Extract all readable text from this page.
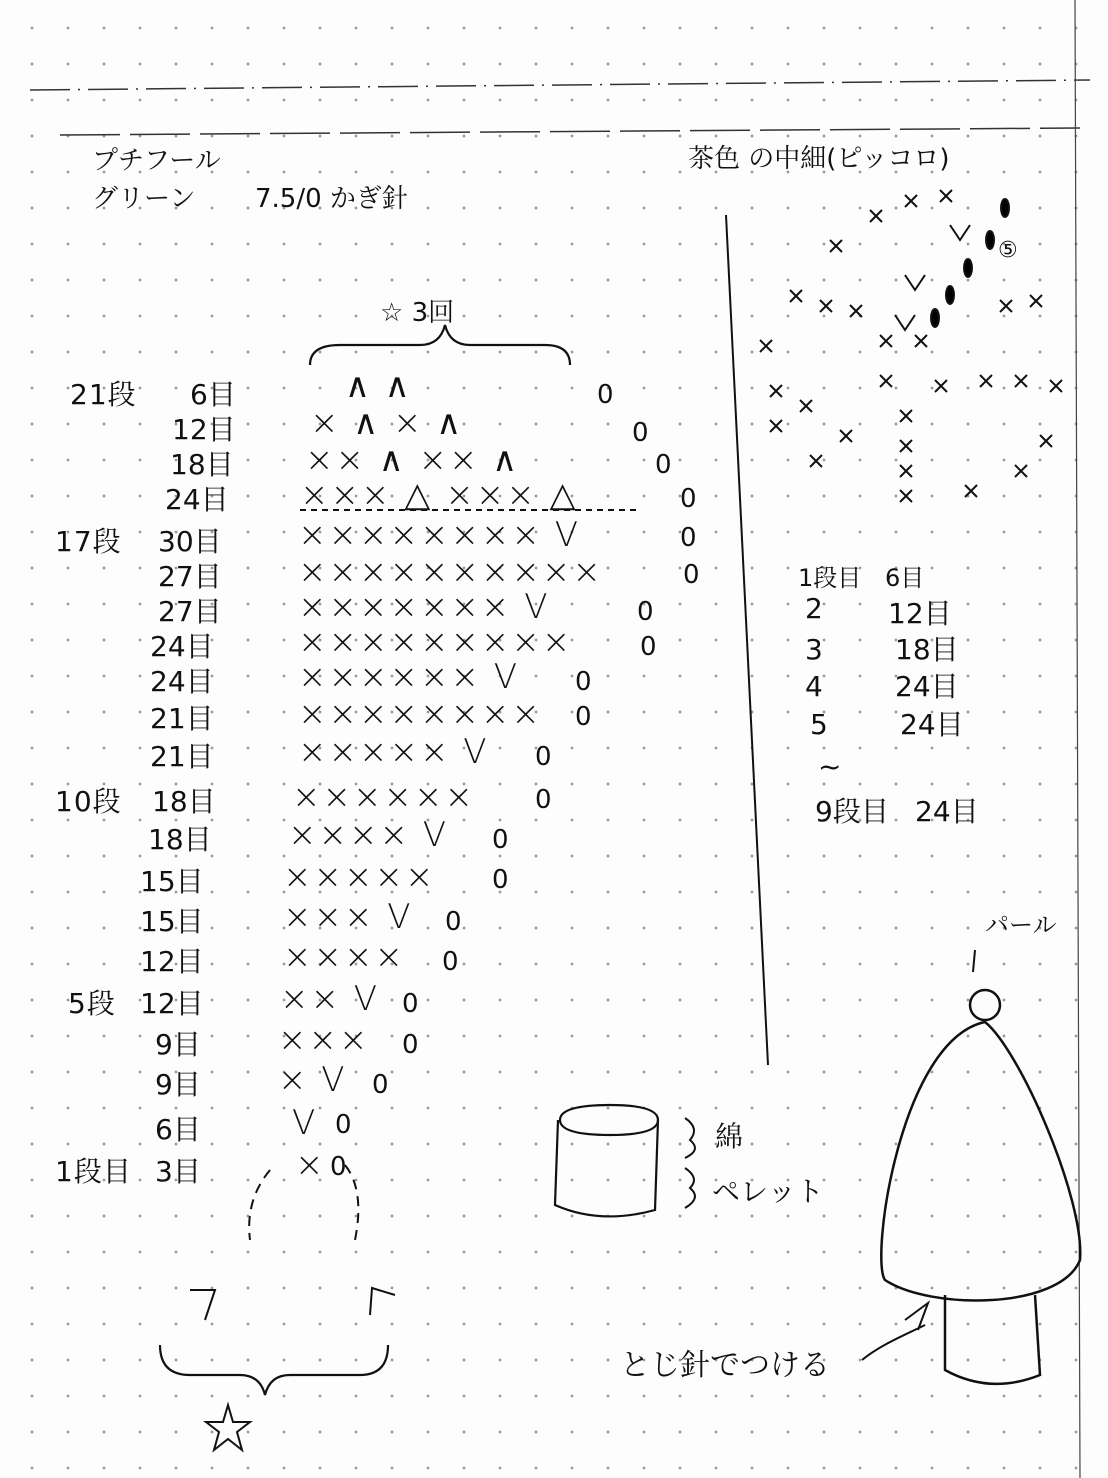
プチフール
グリーン 7.5/0 かぎ針
茶色 の中細(ピッコロ)
☆ 3回
21段 6目	∧ ∧	0
12目 × ∧ × ∧	0
18目 ×× ∧ ×× ∧	0
24目 ××× △ ××× △	0
17段 30目 ×××××××× V	0
27目 ××××××××××	0
27目 ××××××× V	0
24目 ×××××××××	0
24目 ×××××× V 0
21目 ×××××××× 0
21目 ××××× V 0
10段 18目 ×××××× 0
18目 ×××× V 0
15目 ××××× 0
15目 ××× V 0
12目 ×××× 0
5段 12目 ×× V 0
9目 ××× 0
9目 × V 0
6目	V 0
1段目 3目	× 0
⑤
1段目 6目
2 12目
3	18目
4	24目
5	24目
~
9段目 24目
綿
ペレット
パール
とじ針でつける
